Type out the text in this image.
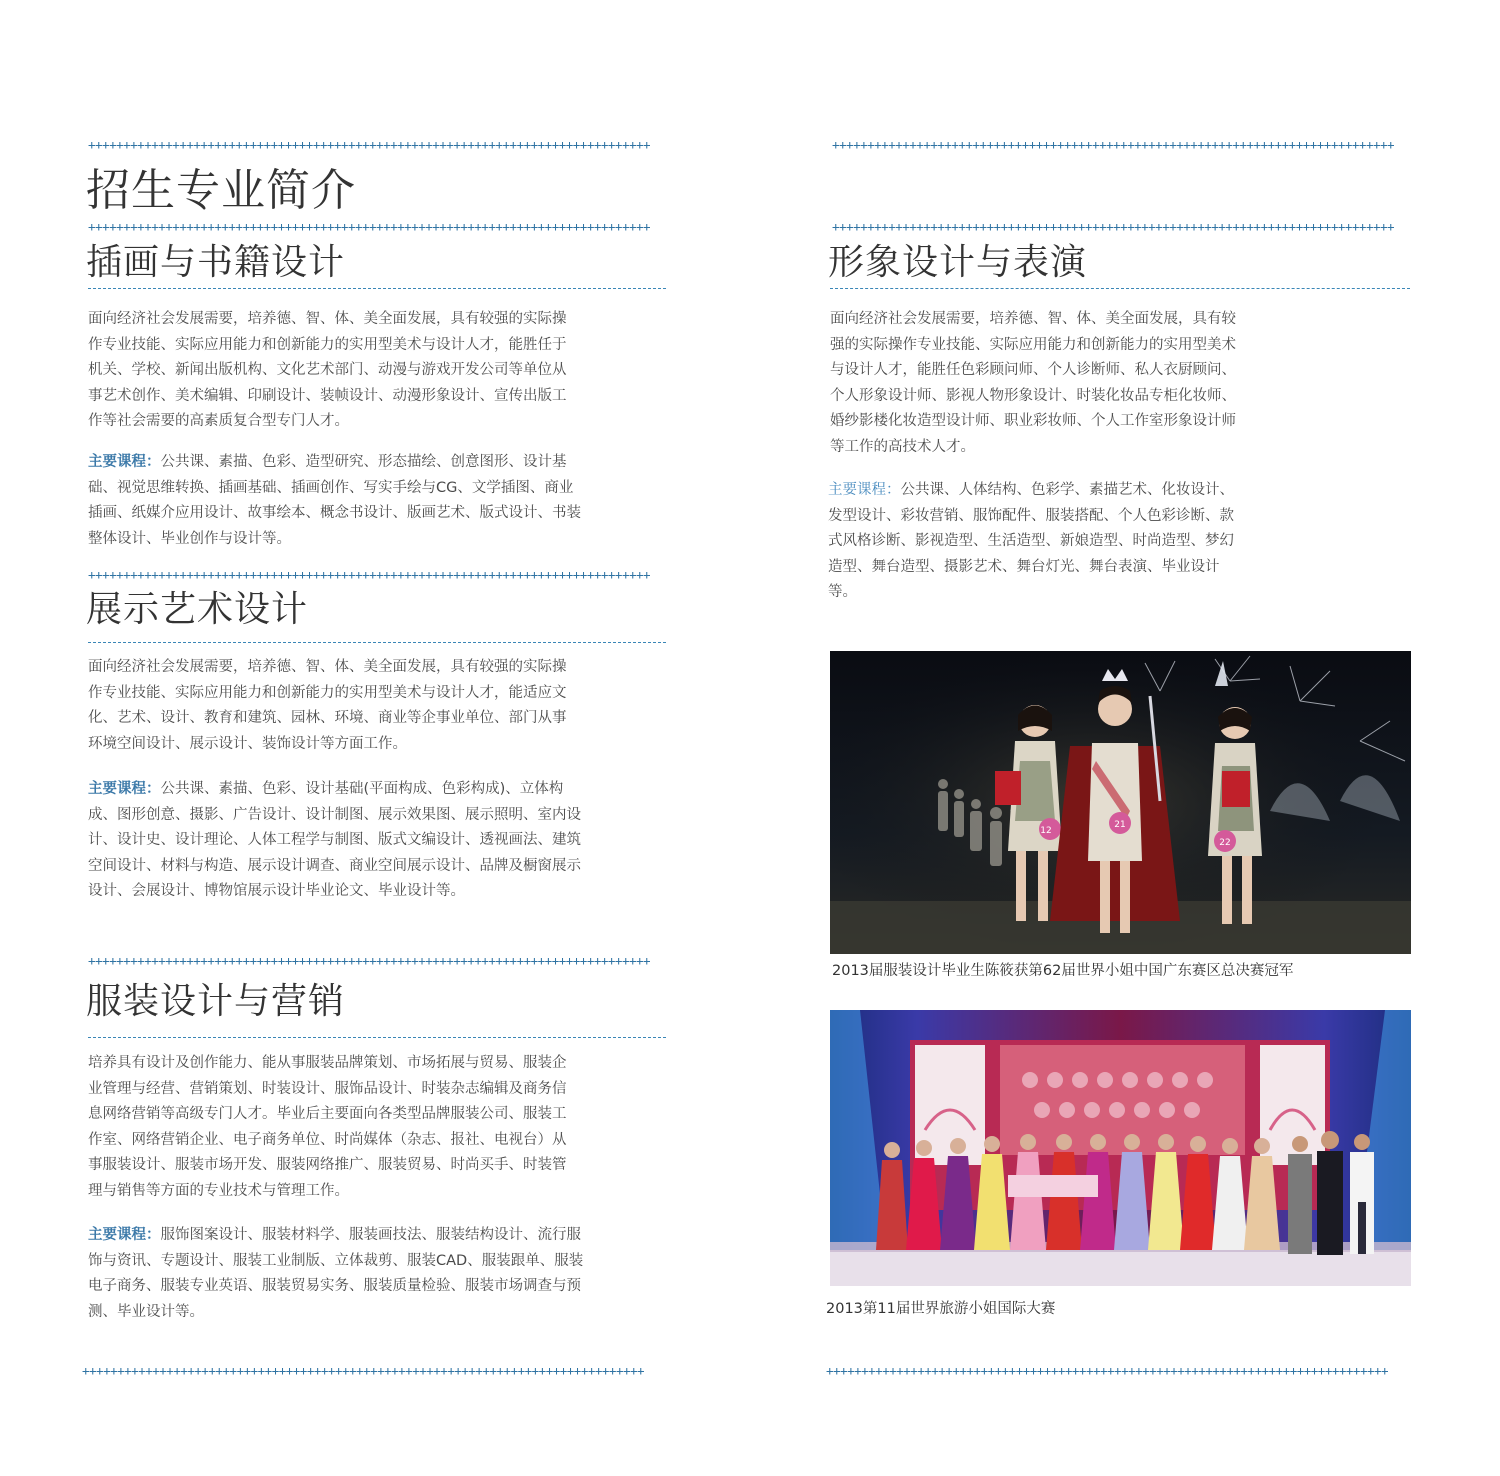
++++++++++++++++++++++++++++++++++++++++++++++++++++++++++++++++++++++++++++++++
++++++++++++++++++++++++++++++++++++++++++++++++++++++++++++++++++++++++++++++++
++++++++++++++++++++++++++++++++++++++++++++++++++++++++++++++++++++++++++++++++
++++++++++++++++++++++++++++++++++++++++++++++++++++++++++++++++++++++++++++++++
++++++++++++++++++++++++++++++++++++++++++++++++++++++++++++++++++++++++++++++++
++++++++++++++++++++++++++++++++++++++++++++++++++++++++++++++++++++++++++++++++
++++++++++++++++++++++++++++++++++++++++++++++++++++++++++++++++++++++++++++++++
++++++++++++++++++++++++++++++++++++++++++++++++++++++++++++++++++++++++++++++++
招生专业简介
插画与书籍设计

面向经济社会发展需要，培养德、智、体、美全面发展，具有较强的实际操作专业技能、实际应用能力和创新能力的实用型美术与设计人才，能胜任于机关、学校、新闻出版机构、文化艺术部门、动漫与游戏开发公司等单位从事艺术创作、美术编辑、印刷设计、装帧设计、动漫形象设计、宣传出版工作等社会需要的高素质复合型专门人才。

主要课程：公共课、素描、色彩、造型研究、形态描绘、创意图形、设计基础、视觉思维转换、插画基础、插画创作、写实手绘与CG、文学插图、商业插画、纸媒介应用设计、故事绘本、概念书设计、版画艺术、版式设计、书装整体设计、毕业创作与设计等。

展示艺术设计

面向经济社会发展需要，培养德、智、体、美全面发展，具有较强的实际操作专业技能、实际应用能力和创新能力的实用型美术与设计人才，能适应文化、艺术、设计、教育和建筑、园林、环境、商业等企事业单位、部门从事环境空间设计、展示设计、装饰设计等方面工作。

主要课程：公共课、素描、色彩、设计基础(平面构成、色彩构成)、立体构成、图形创意、摄影、广告设计、设计制图、展示效果图、展示照明、室内设计、设计史、设计理论、人体工程学与制图、版式文编设计、透视画法、建筑空间设计、材料与构造、展示设计调查、商业空间展示设计、品牌及橱窗展示设计、会展设计、博物馆展示设计毕业论文、毕业设计等。

服装设计与营销

培养具有设计及创作能力、能从事服装品牌策划、市场拓展与贸易、服装企业管理与经营、营销策划、时装设计、服饰品设计、时装杂志编辑及商务信息网络营销等高级专门人才。毕业后主要面向各类型品牌服装公司、服装工作室、网络营销企业、电子商务单位、时尚媒体（杂志、报社、电视台）从事服装设计、服装市场开发、服装网络推广、服装贸易、时尚买手、时装管理与销售等方面的专业技术与管理工作。

主要课程：服饰图案设计、服装材料学、服装画技法、服装结构设计、流行服饰与资讯、专题设计、服装工业制版、立体裁剪、服装CAD、服装跟单、服装电子商务、服装专业英语、服装贸易实务、服装质量检验、服装市场调查与预测、毕业设计等。

形象设计与表演

面向经济社会发展需要，培养德、智、体、美全面发展，具有较强的实际操作专业技能、实际应用能力和创新能力的实用型美术与设计人才，能胜任色彩顾问师、个人诊断师、私人衣厨顾问、个人形象设计师、影视人物形象设计、时装化妆品专柜化妆师、婚纱影楼化妆造型设计师、职业彩妆师、个人工作室形象设计师等工作的高技术人才。

主要课程：公共课、人体结构、色彩学、素描艺术、化妆设计、发型设计、彩妆营销、服饰配件、服装搭配、个人色彩诊断、款式风格诊断、影视造型、生活造型、新娘造型、时尚造型、梦幻造型、舞台造型、摄影艺术、舞台灯光、舞台表演、毕业设计等。

12
21
22
2013届服装设计毕业生陈筱获第62届世界小姐中国广东赛区总决赛冠军
2013第11届世界旅游小姐国际大赛
